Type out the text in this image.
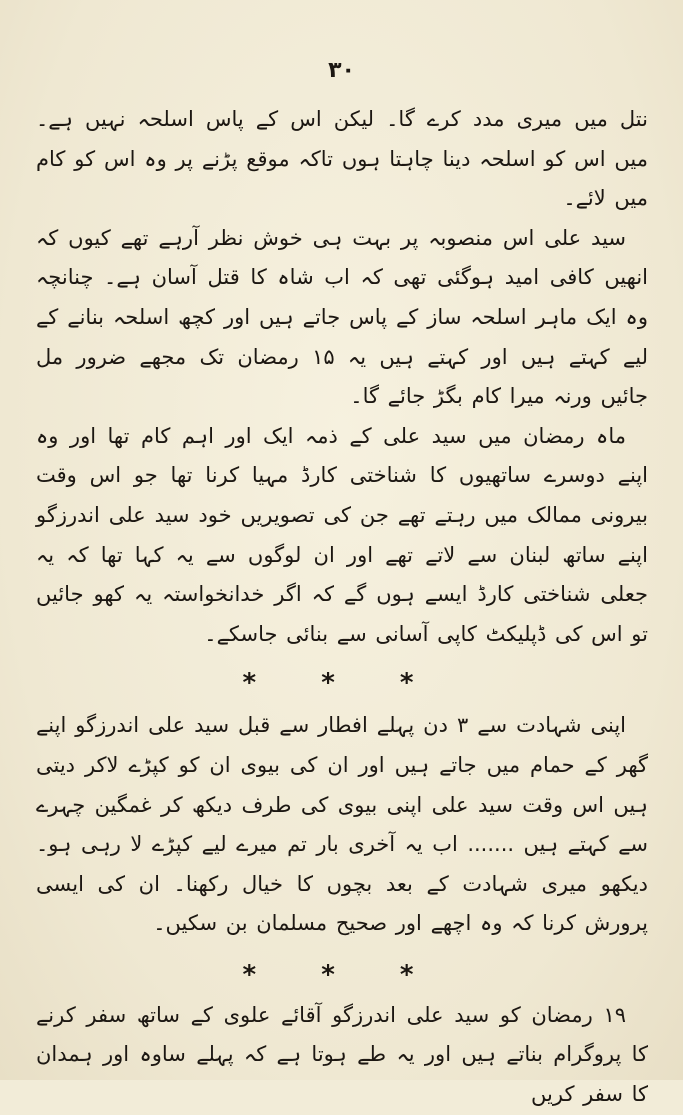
۳۰

نتل میں میری مدد کرے گا۔ لیکن اس کے پاس اسلحہ نہیں ہے۔ میں اس کو اسلحہ دینا چاہتا ہوں تاکہ موقع پڑنے پر وہ اس کو کام میں لائے۔

سید علی اس منصوبہ پر بہت ہی خوش نظر آرہے تھے کیوں کہ انھیں کافی امید ہوگئی تھی کہ اب شاہ کا قتل آسان ہے۔ چنانچہ وہ ایک ماہر اسلحہ ساز کے پاس جاتے ہیں اور کچھ اسلحہ بنانے کے لیے کہتے ہیں اور کہتے ہیں یہ ۱۵ رمضان تک مجھے ضرور مل جائیں ورنہ میرا کام بگڑ جائے گا۔

ماہ رمضان میں سید علی کے ذمہ ایک اور اہم کام تھا اور وہ اپنے دوسرے ساتھیوں کا شناختی کارڈ مہیا کرنا تھا جو اس وقت بیرونی ممالک میں رہتے تھے جن کی تصویریں خود سید علی اندرزگو اپنے ساتھ لبنان سے لاتے تھے اور ان لوگوں سے یہ کہا تھا کہ یہ جعلی شناختی کارڈ ایسے ہوں گے کہ اگر خدانخواستہ یہ کھو جائیں تو اس کی ڈپلیکٹ کاپی آسانی سے بنائی جاسکے۔

* * *

اپنی شہادت سے ۳ دن پہلے افطار سے قبل سید علی اندرزگو اپنے گھر کے حمام میں جاتے ہیں اور ان کی بیوی ان کو کپڑے لاکر دیتی ہیں اس وقت سید علی اپنی بیوی کی طرف دیکھ کر غمگین چہرے سے کہتے ہیں ....... اب یہ آخری بار تم میرے لیے کپڑے لا رہی ہو۔ دیکھو میری شہادت کے بعد بچوں کا خیال رکھنا۔ ان کی ایسی پرورش کرنا کہ وہ اچھے اور صحیح مسلمان بن سکیں۔

* * *

۱۹ رمضان کو سید علی اندرزگو آقائے علوی کے ساتھ سفر کرنے کا پروگرام بناتے ہیں اور یہ طے ہوتا ہے کہ پہلے ساوہ اور ہمدان کا سفر کریں
